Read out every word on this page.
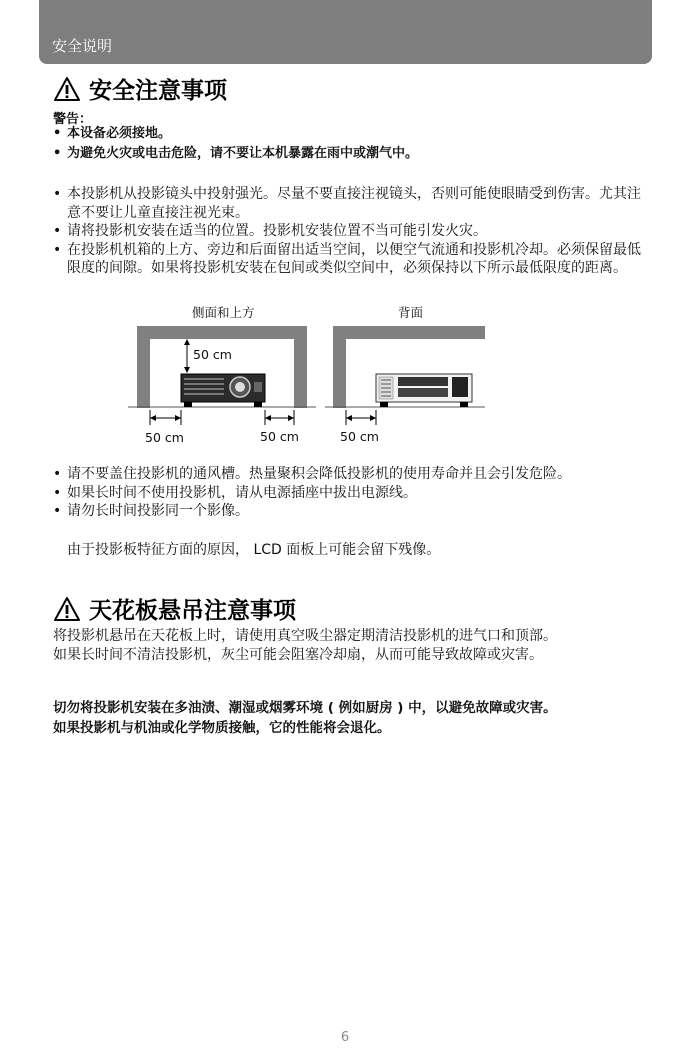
安全说明
安全注意事项
警告：
• 本设备必须接地。
• 为避免火灾或电击危险，请不要让本机暴露在雨中或潮气中。
• 本投影机从投影镜头中投射强光。尽量不要直接注视镜头，否则可能使眼睛受到伤害。尤其注意不要让儿童直接注视光束。
• 请将投影机安装在适当的位置。投影机安装位置不当可能引发火灾。
• 在投影机机箱的上方、旁边和后面留出适当空间，以便空气流通和投影机冷却。必须保留最低限度的间隙。如果将投影机安装在包间或类似空间中，必须保持以下所示最低限度的距离。
侧面和上方	背面
50 cm
50 cm	50 cm	50 cm
• 请不要盖住投影机的通风槽。热量聚积会降低投影机的使用寿命并且会引发危险。
• 如果长时间不使用投影机，请从电源插座中拔出电源线。
• 请勿长时间投影同一个影像。
由于投影板特征方面的原因， LCD 面板上可能会留下残像。
天花板悬吊注意事项
将投影机悬吊在天花板上时，请使用真空吸尘器定期清洁投影机的进气口和顶部。
如果长时间不清洁投影机，灰尘可能会阻塞冷却扇，从而可能导致故障或灾害。
切勿将投影机安装在多油渍、潮湿或烟雾环境 ( 例如厨房 ) 中，以避免故障或灾害。
如果投影机与机油或化学物质接触，它的性能将会退化。
6
